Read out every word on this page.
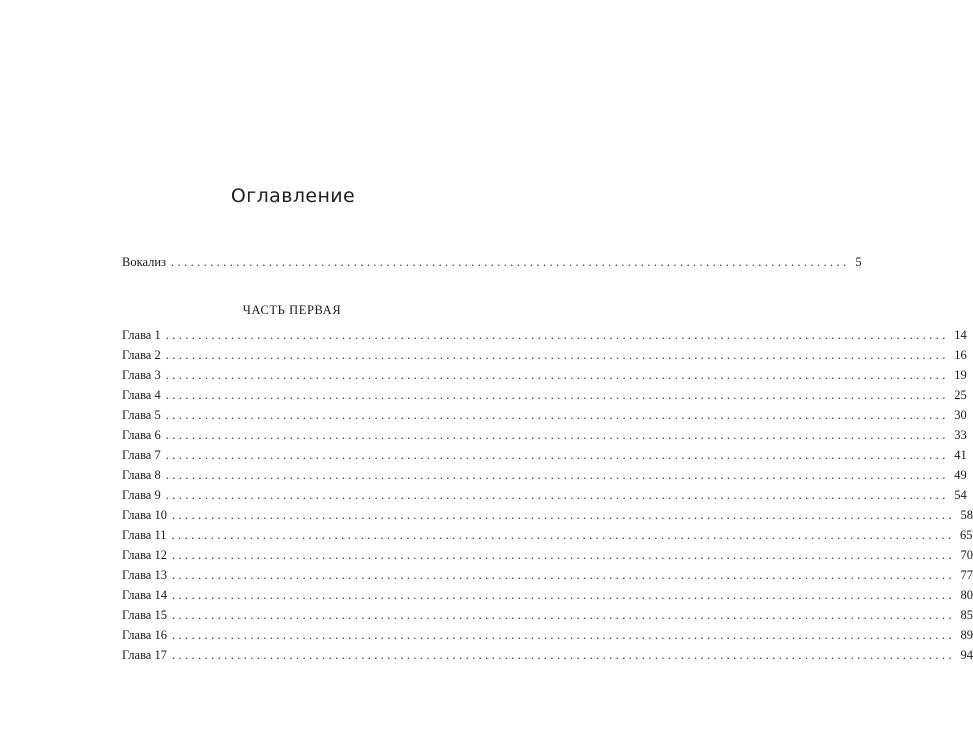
Оглавление
Вокализ ........................................................................................................ 5
ЧАСТЬ ПЕРВАЯ
Глава 1 ........................................................................................................................ 14
Глава 2 ........................................................................................................................ 16
Глава 3 ........................................................................................................................ 19
Глава 4 ........................................................................................................................ 25
Глава 5 ........................................................................................................................ 30
Глава 6 ........................................................................................................................ 33
Глава 7 ........................................................................................................................ 41
Глава 8 ........................................................................................................................ 49
Глава 9 ........................................................................................................................ 54
Глава 10 ........................................................................................................................ 58
Глава 11 ........................................................................................................................ 65
Глава 12 ........................................................................................................................ 70
Глава 13 ........................................................................................................................ 77
Глава 14 ........................................................................................................................ 80
Глава 15 ........................................................................................................................ 85
Глава 16 ........................................................................................................................ 89
Глава 17 ........................................................................................................................ 94
